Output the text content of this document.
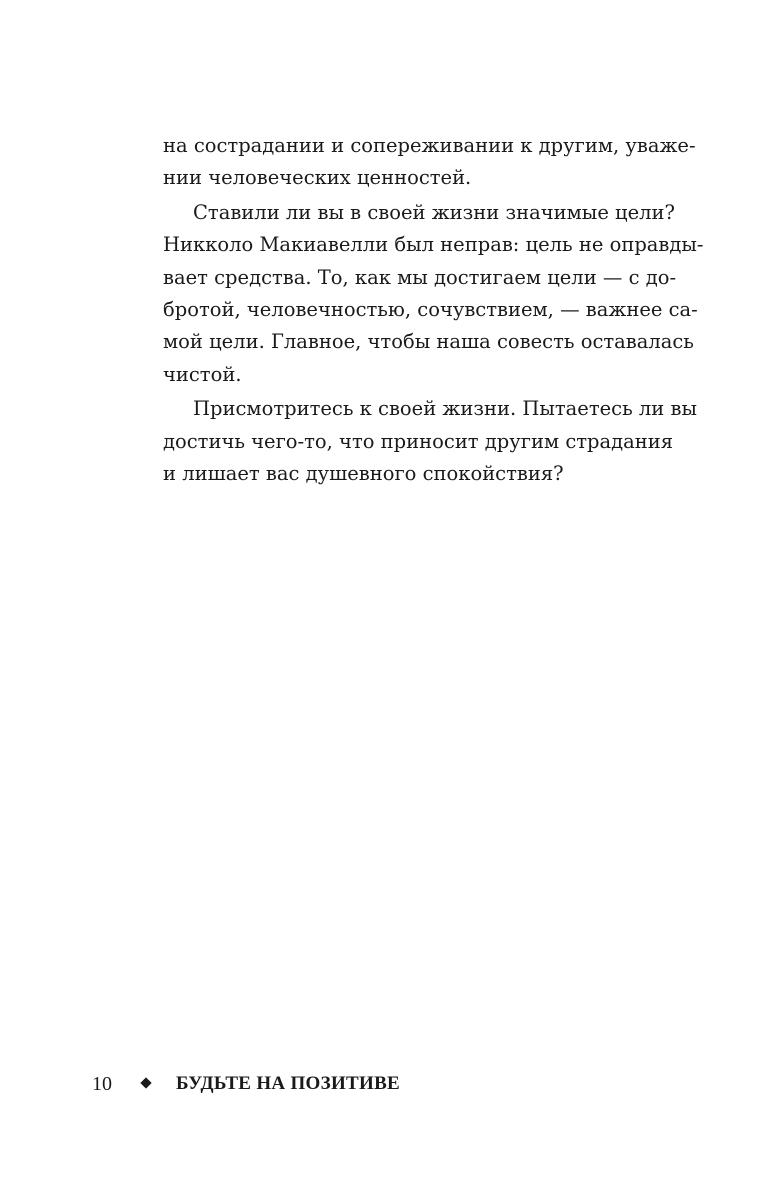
на сострадании и сопереживании к другим, уваже-
нии человеческих ценностей.
Ставили ли вы в своей жизни значимые цели?
Никколо Макиавелли был неправ: цель не оправды-
вает средства. То, как мы достигаем цели — с до-
бротой, человечностью, сочувствием, — важнее са-
мой цели. Главное, чтобы наша совесть оставалась
чистой.
Присмотритесь к своей жизни. Пытаетесь ли вы
достичь чего-то, что приносит другим страдания
и лишает вас душевного спокойствия?
10	БУДЬТЕ НА ПОЗИТИВЕ
